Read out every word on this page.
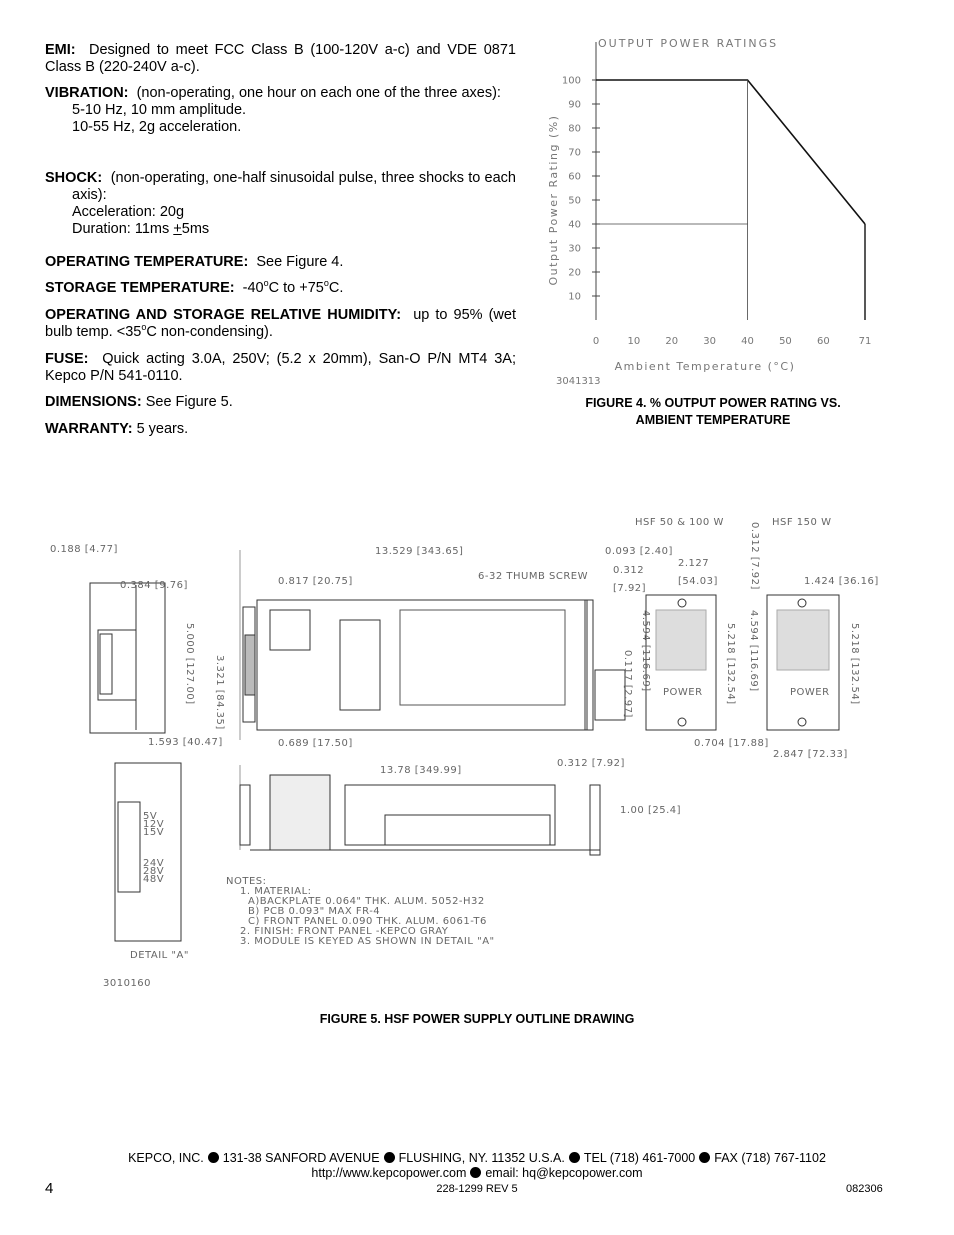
EMI: Designed to meet FCC Class B (100-120V a-c) and VDE 0871 Class B (220-240V a-c).
VIBRATION: (non-operating, one hour on each one of the three axes):
5-10 Hz, 10 mm amplitude.
10-55 Hz, 2g acceleration.
SHOCK: (non-operating, one-half sinusoidal pulse, three shocks to each axis):
Acceleration: 20g
Duration: 11ms +5ms
OPERATING TEMPERATURE: See Figure 4.
STORAGE TEMPERATURE: -40$^o$C to $+75^oC$.
OPERATING AND STORAGE RELATIVE HUMIDITY: up to 95% (wet bulb temp. $<35^oC$ non-condensing).
FUSE: Quick acting 3.0A, 250V; (5.2 x 20mm), San-O P/N MT4 3A; Kepco P/N 541-0110.
DIMENSIONS: See Figure 5.
WARRANTY: 5 years.
OUTPUT POWER RATINGS
Output Power Rating (%)
Ambient Temperature (°C)
3041313
10
20
30
40
50
60
70
80
90
100
0	10	20	30	40	50	60	71
FIGURE 4. % OUTPUT POWER RATING VS.
AMBIENT TEMPERATURE
0.188 [4.77]
0.384 [9.76]
13.529 [343.65]	0.093 [2.40]
0.312
[7.92]
2.127
[54.03]
HSF 50 & 100 W	HSF 150 W
0.312 [7.92]	1.424 [36.16]
0.817 [20.75]	6-32 THUMB SCREW
5.000 [127.00] 3.321 [84.35]	0.117 [2.97] 4.594 [116.69]	5.218 [132.54] 4.594 [116.69]	5.218 [132.54]
1.593 [40.47]	0.689 [17.50]	0.704 [17.88]
2.847 [72.33]
13.78 [349.99]
0.312 [7.92]
1.00 [25.4]
POWER	POWER
5V
12V
15V
24V
28V
48V
DETAIL "A"
3010160
NOTES:
1. MATERIAL:
A)BACKPLATE 0.064" THK. ALUM. 5052-H32
B) PCB 0.093" MAX FR-4
C) FRONT PANEL 0.090 THK. ALUM. 6061-T6
2. FINISH: FRONT PANEL -KEPCO GRAY
3. MODULE IS KEYED AS SHOWN IN DETAIL "A"
FIGURE 5. HSF POWER SUPPLY OUTLINE DRAWING
KEPCO, INC. 131-38 SANFORD AVENUE FLUSHING, NY. 11352 U.S.A. TEL (718) 461-7000 FAX (718) 767-1102
http://www.kepcopower.com email: hq@kepcopower.com
4	228-1299 REV 5	082306
